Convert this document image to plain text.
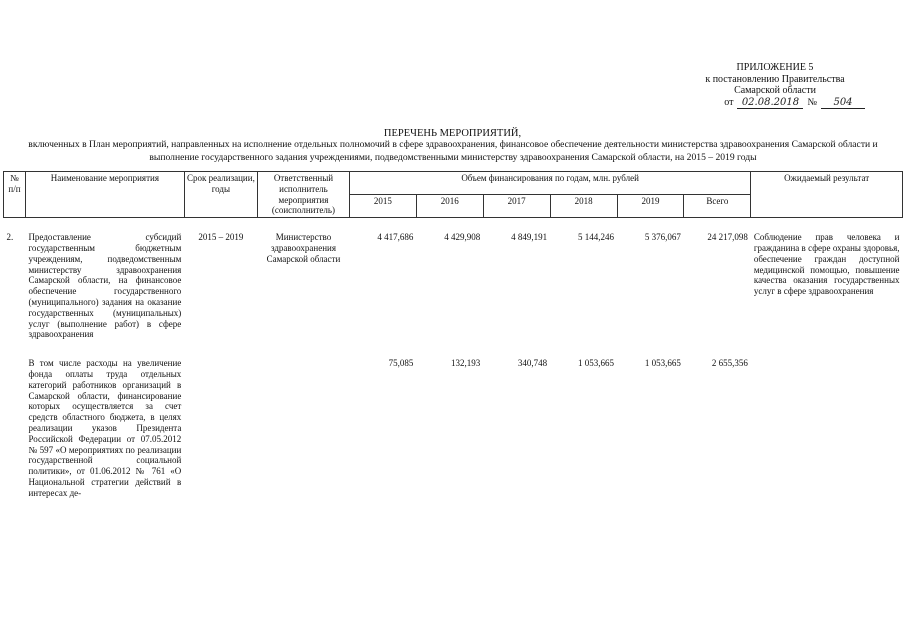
ПРИЛОЖЕНИЕ 5
к постановлению Правительства
Самарской области
от 02.08.2018 №	504
ПЕРЕЧЕНЬ МЕРОПРИЯТИЙ,
включенных в План мероприятий, направленных на исполнение отдельных полномочий в сфере здравоохранения, финансовое обеспечение деятельности министерства здравоохранения Самарской области и выполнение государственного задания учреждениями, подведомственными министерству здравоохранения Самарской области, на 2015 – 2019 годы
№ п/п	Наименование мероприятия	Срок реализации, годы	Ответственный исполнитель мероприятия (соисполнитель)	Объем финансирования по годам, млн. рублей						Ожидаемый результат
				2015	2016	2017	2018	2019	Всего	

2.	Предоставление субсидий государственным бюджетным учреждениям, подведомственным министерству здравоохранения Самарской области, на финансовое обеспечение государственного (муниципального) задания на оказание государственных (муниципальных) услуг (выполнение работ) в сфере здравоохранения	2015 – 2019	Министерство здравоохранения Самарской области	4 417,686	4 429,908	4 849,191	5 144,246	5 376,067	24 217,098	Соблюдение прав человека и гражданина в сфере охраны здоровья, обеспечение граждан доступной медицинской помощью, повышение качества оказания государственных услуг в сфере здравоохранения

	В том числе расходы на увеличение фонда оплаты труда отдельных категорий работников организаций в Самарской области, финансирование которых осуществляется за счет средств областного бюджета, в целях реализации указов Президента Российской Федерации от 07.05.2012 № 597 «О мероприятиях по реализации государственной социальной политики», от 01.06.2012 № 761 «О Национальной стратегии действий в интересах де-			75,085	132,193	340,748	1 053,665	1 053,665	2 655,356	
